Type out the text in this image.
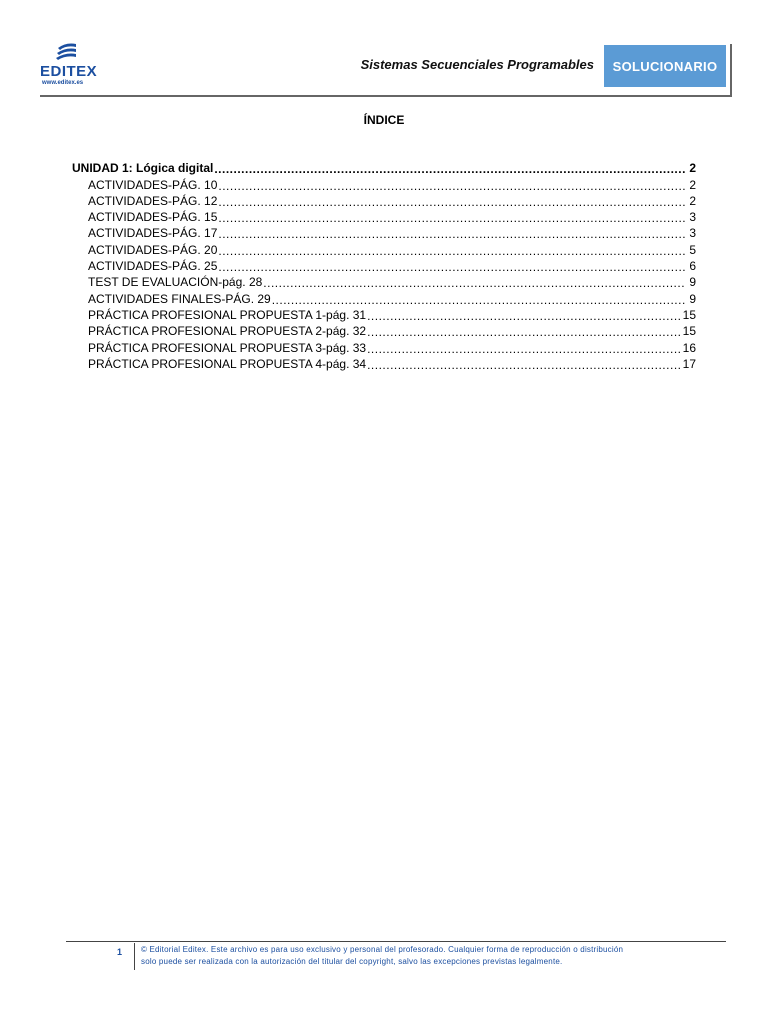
EDITEX
www.editex.es
Sistemas Secuenciales Programables	SOLUCIONARIO
ÍNDICE
UNIDAD 1: Lógica digital .....	2
ACTIVIDADES-PÁG. 10 .....	2
ACTIVIDADES-PÁG. 12 .....	2
ACTIVIDADES-PÁG. 15 .....	3
ACTIVIDADES-PÁG. 17 .....	3
ACTIVIDADES-PÁG. 20 .....	5
ACTIVIDADES-PÁG. 25 .....	6
TEST DE EVALUACIÓN-pág. 28 .....	9
ACTIVIDADES FINALES-PÁG. 29 .....	9
PRÁCTICA PROFESIONAL PROPUESTA 1-pág. 31 .....	15
PRÁCTICA PROFESIONAL PROPUESTA 2-pág. 32 .....	15
PRÁCTICA PROFESIONAL PROPUESTA 3-pág. 33 .....	16
PRÁCTICA PROFESIONAL PROPUESTA 4-pág. 34 .....	17
1 © Editorial Editex. Este archivo es para uso exclusivo y personal del profesorado. Cualquier forma de reproducción o distribución
solo puede ser realizada con la autorización del titular del copyright, salvo las excepciones previstas legalmente.
